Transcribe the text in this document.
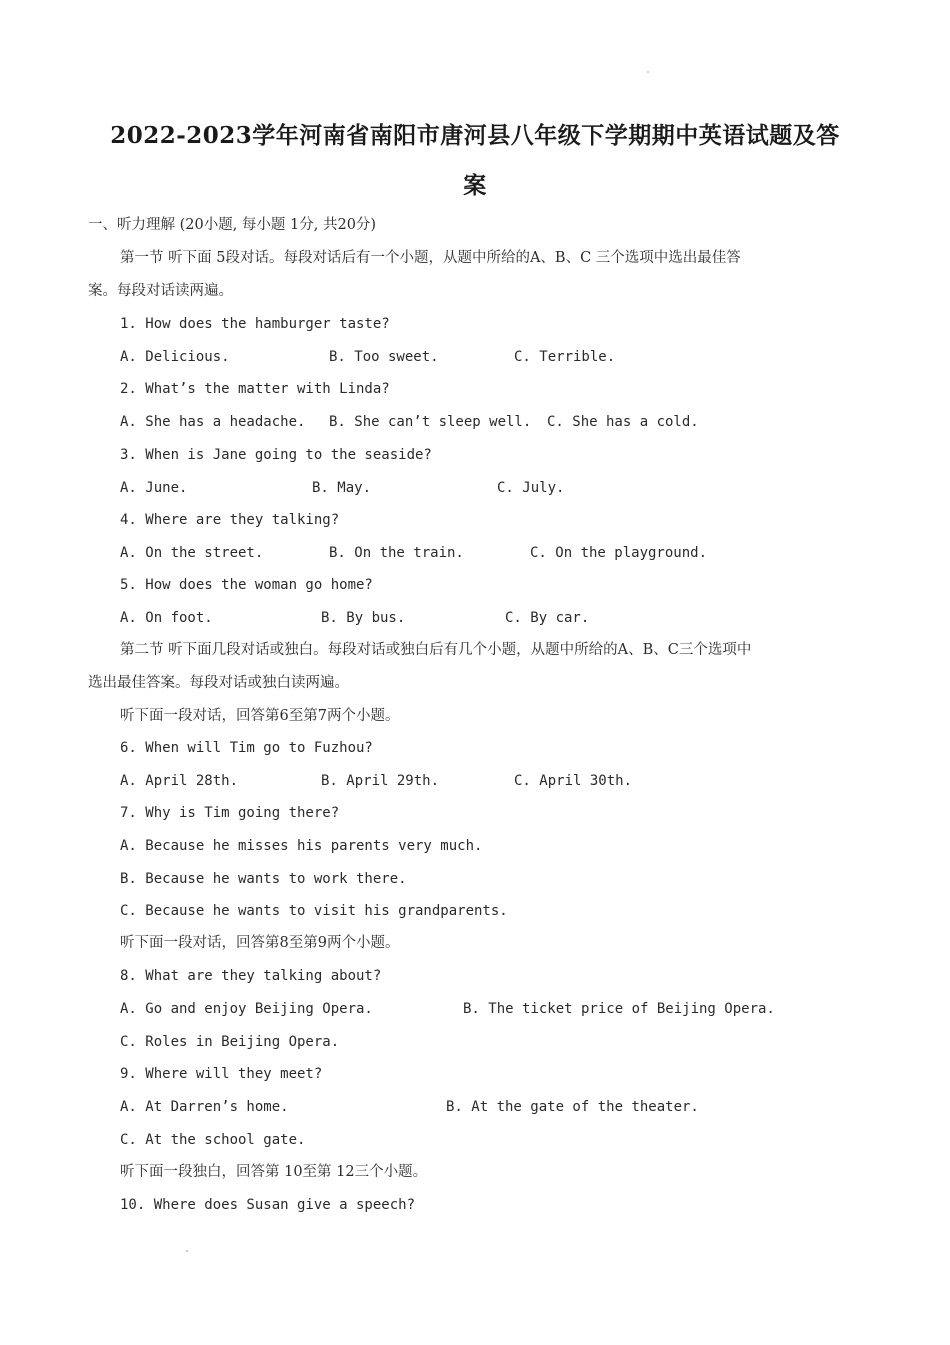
2022-2023学年河南省南阳市唐河县八年级下学期期中英语试题及答
案
一、听力理解 (20小题, 每小题 1分, 共20分)
第一节 听下面 5段对话。每段对话后有一个小题，从题中所给的A、B、C 三个选项中选出最佳答
案。每段对话读两遍。
1. How does the hamburger taste?
A. Delicious.	B. Too sweet.	C. Terrible.
2. What’s the matter with Linda?
A. She has a headache. B. She can’t sleep well. C. She has a cold.
3. When is Jane going to the seaside?
A. June.	B. May.	C. July.
4. Where are they talking?
A. On the street.	B. On the train.	C. On the playground.
5. How does the woman go home?
A. On foot.	B. By bus.	C. By car.
第二节 听下面几段对话或独白。每段对话或独白后有几个小题，从题中所给的A、B、C三个选项中
选出最佳答案。每段对话或独白读两遍。
听下面一段对话，回答第6至第7两个小题。
6. When will Tim go to Fuzhou?
A. April 28th.	B. April 29th.	C. April 30th.
7. Why is Tim going there?
A. Because he misses his parents very much.
B. Because he wants to work there.
C. Because he wants to visit his grandparents.
听下面一段对话，回答第8至第9两个小题。
8. What are they talking about?
A. Go and enjoy Beijing Opera.	B. The ticket price of Beijing Opera.
C. Roles in Beijing Opera.
9. Where will they meet?
A. At Darren’s home.	B. At the gate of the theater.
C. At the school gate.
听下面一段独白，回答第 10至第 12三个小题。
10. Where does Susan give a speech?
